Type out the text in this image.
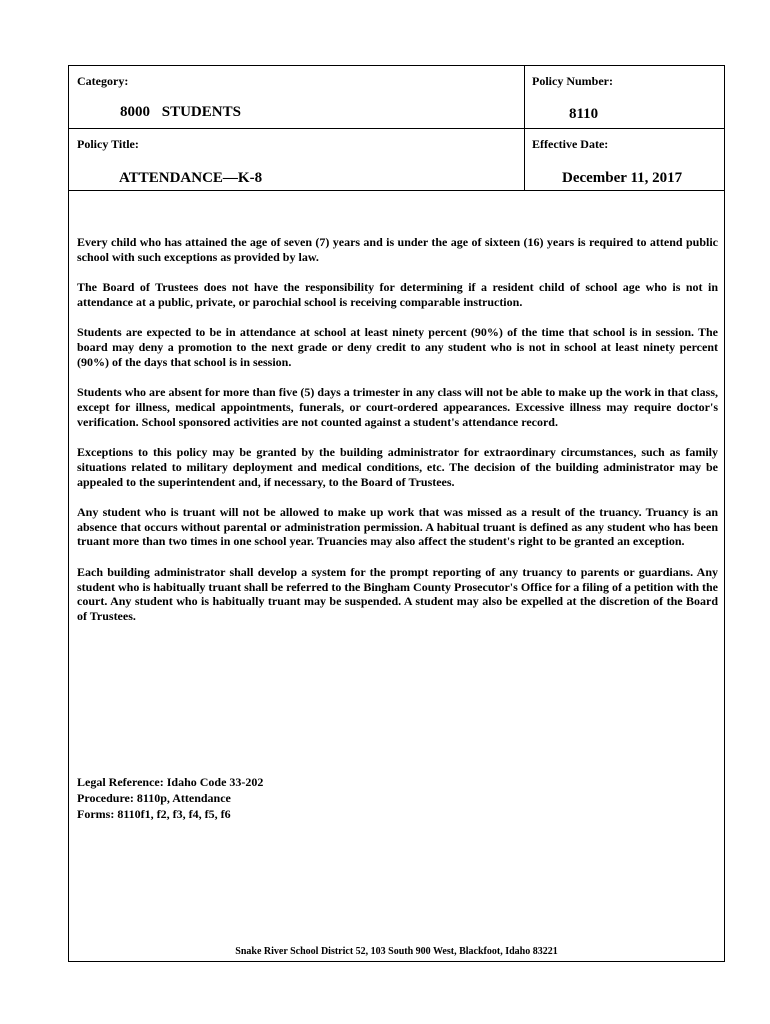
Category:
8000 STUDENTS
Policy Number:
8110
Policy Title:
ATTENDANCE—K-8
Effective Date:
December 11, 2017

Every child who has attained the age of seven (7) years and is under the age of sixteen (16) years is required to attend public school with such exceptions as provided by law.

The Board of Trustees does not have the responsibility for determining if a resident child of school age who is not in attendance at a public, private, or parochial school is receiving comparable instruction.

Students are expected to be in attendance at school at least ninety percent (90%) of the time that school is in session. The board may deny a promotion to the next grade or deny credit to any student who is not in school at least ninety percent (90%) of the days that school is in session.

Students who are absent for more than five (5) days a trimester in any class will not be able to make up the work in that class, except for illness, medical appointments, funerals, or court-ordered appearances. Excessive illness may require doctor's verification. School sponsored activities are not counted against a student's attendance record.

Exceptions to this policy may be granted by the building administrator for extraordinary circumstances, such as family situations related to military deployment and medical conditions, etc. The decision of the building administrator may be appealed to the superintendent and, if necessary, to the Board of Trustees.

Any student who is truant will not be allowed to make up work that was missed as a result of the truancy. Truancy is an absence that occurs without parental or administration permission. A habitual truant is defined as any student who has been truant more than two times in one school year. Truancies may also affect the student's right to be granted an exception.

Each building administrator shall develop a system for the prompt reporting of any truancy to parents or guardians. Any student who is habitually truant shall be referred to the Bingham County Prosecutor's Office for a filing of a petition with the court. Any student who is habitually truant may be suspended. A student may also be expelled at the discretion of the Board of Trustees.

Legal Reference: Idaho Code 33-202
Procedure: 8110p, Attendance
Forms: 8110f1, f2, f3, f4, f5, f6
Snake River School District 52, 103 South 900 West, Blackfoot, Idaho 83221
